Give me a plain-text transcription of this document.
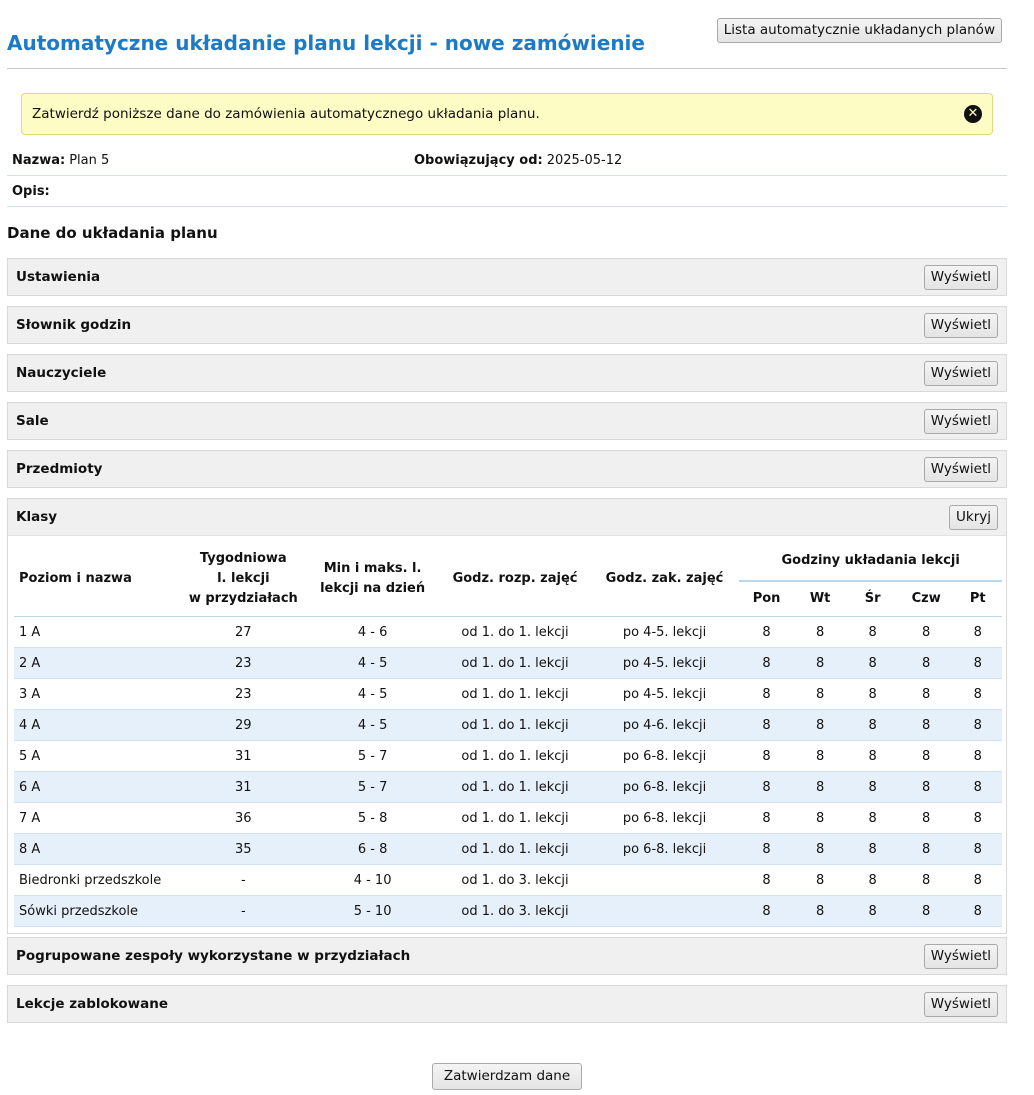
Lista automatycznie układanych planów
Automatyczne układanie planu lekcji - nowe zamówienie
Zatwierdź poniższe dane do zamówienia automatycznego układania planu.	✕
Nazwa: Plan 5	Obowiązujący od: 2025-05-12
Opis:
Dane do układania planu
Ustawienia	Wyświetl
Słownik godzin	Wyświetl
Nauczyciele	Wyświetl
Sale	Wyświetl
Przedmioty	Wyświetl
Klasy	Ukryj
Poziom i nazwa	Tygodniowa
l. lekcji
w przydziałach	Min i maks. l.
lekcji na dzień	Godz. rozp. zajęć	Godz. zak. zajęć	Godziny układania lekcji				
					Pon	Wt	Śr	Czw	Pt
1 A	27	4 - 6	od 1. do 1. lekcji	po 4-5. lekcji	8	8	8	8	8
2 A	23	4 - 5	od 1. do 1. lekcji	po 4-5. lekcji	8	8	8	8	8
3 A	23	4 - 5	od 1. do 1. lekcji	po 4-5. lekcji	8	8	8	8	8
4 A	29	4 - 5	od 1. do 1. lekcji	po 4-6. lekcji	8	8	8	8	8
5 A	31	5 - 7	od 1. do 1. lekcji	po 6-8. lekcji	8	8	8	8	8
6 A	31	5 - 7	od 1. do 1. lekcji	po 6-8. lekcji	8	8	8	8	8
7 A	36	5 - 8	od 1. do 1. lekcji	po 6-8. lekcji	8	8	8	8	8
8 A	35	6 - 8	od 1. do 1. lekcji	po 6-8. lekcji	8	8	8	8	8
Biedronki przedszkole	-	4 - 10	od 1. do 3. lekcji		8	8	8	8	8
Sówki przedszkole	-	5 - 10	od 1. do 3. lekcji		8	8	8	8	8
Pogrupowane zespoły wykorzystane w przydziałach	Wyświetl
Lekcje zablokowane	Wyświetl
Zatwierdzam dane
